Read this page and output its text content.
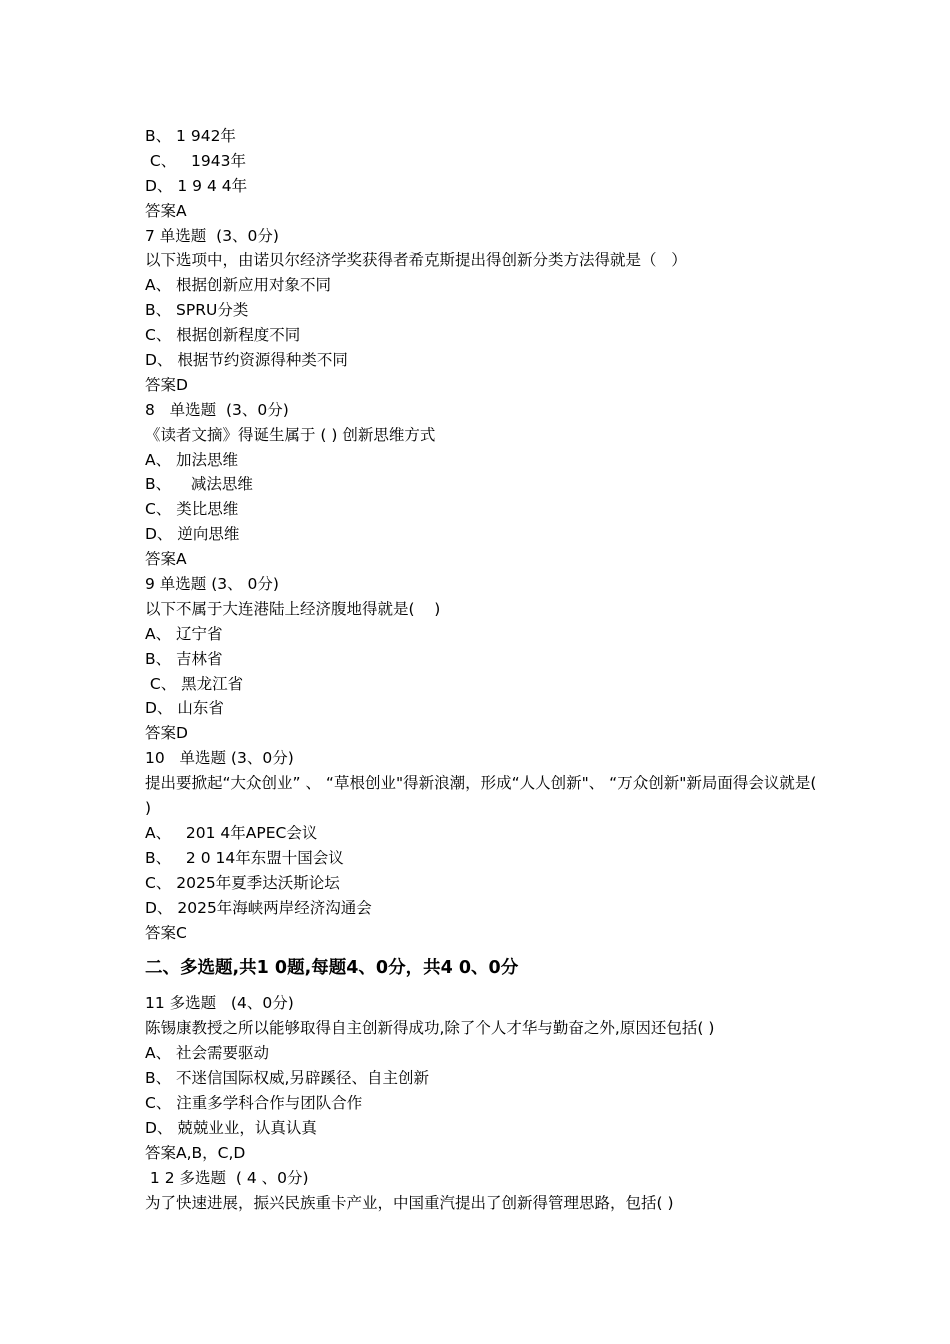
B、 1 942年
C、   1943年
D、 1 9 4 4年
答案A
7 单选题  (3、0分)
以下选项中，由诺贝尔经济学奖获得者希克斯提出得创新分类方法得就是（   ）
A、 根据创新应用对象不同
B、 SPRU分类
C、 根据创新程度不同
D、 根据节约资源得种类不同
答案D
8   单选题  (3、0分)
《读者文摘》得诞生属于 ( ) 创新思维方式
A、 加法思维
B、    减法思维
C、 类比思维
D、 逆向思维
答案A
9 单选题 (3、 0分)
以下不属于大连港陆上经济腹地得就是(    )
A、 辽宁省
B、 吉林省
C、 黑龙江省
D、 山东省
答案D
10   单选题 (3、0分)
提出要掀起“大众创业” 、 “草根创业"得新浪潮，形成“人人创新"、 “万众创新"新局面得会议就是( )
A、   201 4年APEC会议
B、   2 0 14年东盟十国会议
C、 2025年夏季达沃斯论坛
D、 2025年海峡两岸经济沟通会
答案C
二、多选题,共1 0题,每题4、0分，共4 0、0分
11 多选题   (4、0分)
陈锡康教授之所以能够取得自主创新得成功,除了个人才华与勤奋之外,原因还包括( )
A、 社会需要驱动
B、 不迷信国际权威,另辟蹊径、自主创新
C、 注重多学科合作与团队合作
D、 兢兢业业，认真认真
答案A,B，C,D
1 2 多选题  ( 4 、0分)
为了快速进展，振兴民族重卡产业，中国重汽提出了创新得管理思路，包括( )
